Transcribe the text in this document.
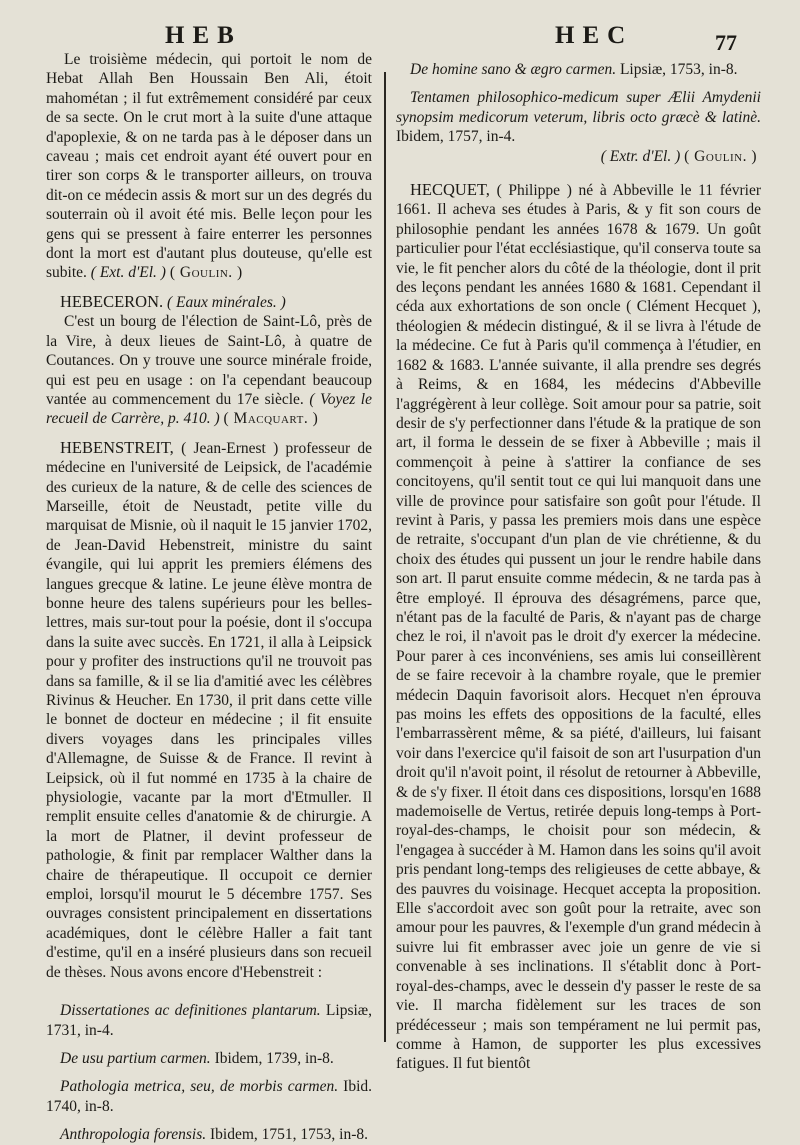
HEB	HEC	77

Le troisième médecin, qui portoit le nom de Hebat Allah Ben Houssain Ben Ali, étoit mahométan ; il fut extrêmement considéré par ceux de sa secte. On le crut mort à la suite d'une attaque d'apoplexie, & on ne tarda pas à le déposer dans un caveau ; mais cet endroit ayant été ouvert pour en tirer son corps & le transporter ailleurs, on trouva dit-on ce médecin assis & mort sur un des degrés du souterrain où il avoit été mis. Belle leçon pour les gens qui se pressent à faire enterrer les personnes dont la mort est d'autant plus douteuse, qu'elle est subite. ( Ext. d'El. ) ( Goulin. )

HEBECERON. ( Eaux minérales. )

C'est un bourg de l'élection de Saint-Lô, près de la Vire, à deux lieues de Saint-Lô, à quatre de Coutances. On y trouve une source minérale froide, qui est peu en usage : on l'a cependant beaucoup vantée au commencement du 17e siècle. ( Voyez le recueil de Carrère, p. 410. ) ( Macquart. )

HEBENSTREIT, ( Jean-Ernest ) professeur de médecine en l'université de Leipsick, de l'académie des curieux de la nature, & de celle des sciences de Marseille, étoit de Neustadt, petite ville du marquisat de Misnie, où il naquit le 15 janvier 1702, de Jean-David Hebenstreit, ministre du saint évangile, qui lui apprit les premiers élémens des langues grecque & latine. Le jeune élève montra de bonne heure des talens supérieurs pour les belles-lettres, mais sur-tout pour la poésie, dont il s'occupa dans la suite avec succès. En 1721, il alla à Leipsick pour y profiter des instructions qu'il ne trouvoit pas dans sa famille, & il se lia d'amitié avec les célèbres Rivinus & Heucher. En 1730, il prit dans cette ville le bonnet de docteur en médecine ; il fit ensuite divers voyages dans les principales villes d'Allemagne, de Suisse & de France. Il revint à Leipsick, où il fut nommé en 1735 à la chaire de physiologie, vacante par la mort d'Etmuller. Il remplit ensuite celles d'anatomie & de chirurgie. A la mort de Platner, il devint professeur de pathologie, & finit par remplacer Walther dans la chaire de thérapeutique. Il occupoit ce dernier emploi, lorsqu'il mourut le 5 décembre 1757. Ses ouvrages consistent principalement en dissertations académiques, dont le célèbre Haller a fait tant d'estime, qu'il en a inséré plusieurs dans son recueil de thèses. Nous avons encore d'Hebenstreit :

Dissertationes ac definitiones plantarum. Lipsiæ, 1731, in-4.

De usu partium carmen. Ibidem, 1739, in-8.

Pathologia metrica, seu, de morbis carmen. Ibid. 1740, in-8.

Anthropologia forensis. Ibidem, 1751, 1753, in-8.

De homine sano & ægro carmen. Lipsiæ, 1753, in-8.

Tentamen philosophico-medicum super Ælii Amydenii synopsim medicorum veterum, libris octo græcè & latinè. Ibidem, 1757, in-4.

( Extr. d'El. ) ( Goulin. )

HECQUET, ( Philippe ) né à Abbeville le 11 février 1661. Il acheva ses études à Paris, & y fit son cours de philosophie pendant les années 1678 & 1679. Un goût particulier pour l'état ecclésiastique, qu'il conserva toute sa vie, le fit pencher alors du côté de la théologie, dont il prit des leçons pendant les années 1680 & 1681. Cependant il céda aux exhortations de son oncle ( Clément Hecquet ), théologien & médecin distingué, & il se livra à l'étude de la médecine. Ce fut à Paris qu'il commença à l'étudier, en 1682 & 1683. L'année suivante, il alla prendre ses degrés à Reims, & en 1684, les médecins d'Abbeville l'aggrégèrent à leur collège. Soit amour pour sa patrie, soit desir de s'y perfectionner dans l'étude & la pratique de son art, il forma le dessein de se fixer à Abbeville ; mais il commençoit à peine à s'attirer la confiance de ses concitoyens, qu'il sentit tout ce qui lui manquoit dans une ville de province pour satisfaire son goût pour l'étude. Il revint à Paris, y passa les premiers mois dans une espèce de retraite, s'occupant d'un plan de vie chrétienne, & du choix des études qui pussent un jour le rendre habile dans son art. Il parut ensuite comme médecin, & ne tarda pas à être employé. Il éprouva des désagrémens, parce que, n'étant pas de la faculté de Paris, & n'ayant pas de charge chez le roi, il n'avoit pas le droit d'y exercer la médecine. Pour parer à ces inconvéniens, ses amis lui conseillèrent de se faire recevoir à la chambre royale, que le premier médecin Daquin favorisoit alors. Hecquet n'en éprouva pas moins les effets des oppositions de la faculté, elles l'embarrassèrent même, & sa piété, d'ailleurs, lui faisant voir dans l'exercice qu'il faisoit de son art l'usurpation d'un droit qu'il n'avoit point, il résolut de retourner à Abbeville, & de s'y fixer. Il étoit dans ces dispositions, lorsqu'en 1688 mademoiselle de Vertus, retirée depuis long-temps à Port-royal-des-champs, le choisit pour son médecin, & l'engagea à succéder à M. Hamon dans les soins qu'il avoit pris pendant long-temps des religieuses de cette abbaye, & des pauvres du voisinage. Hecquet accepta la proposition. Elle s'accordoit avec son goût pour la retraite, avec son amour pour les pauvres, & l'exemple d'un grand médecin à suivre lui fit embrasser avec joie un genre de vie si convenable à ses inclinations. Il s'établit donc à Port-royal-des-champs, avec le dessein d'y passer le reste de sa vie. Il marcha fidèlement sur les traces de son prédécesseur ; mais son tempérament ne lui permit pas, comme à Hamon, de supporter les plus excessives fatigues. Il fut bientôt
